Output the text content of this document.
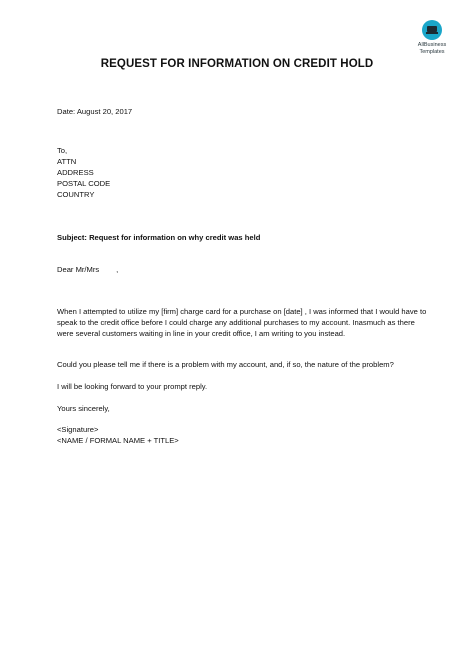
AllBusiness
Templates
REQUEST FOR INFORMATION ON CREDIT HOLD
Date: August 20, 2017
To,
ATTN
ADDRESS
POSTAL CODE
COUNTRY
Subject: Request for information on why credit was held
Dear Mr/Mrs        ,
When I attempted to utilize my [firm] charge card for a purchase on [date] , I was informed that I would have to speak to the credit office before I could charge any additional purchases to my account. Inasmuch as there were several customers waiting in line in your credit office, I am writing to you instead.
Could you please tell me if there is a problem with my account, and, if so, the nature of the problem?
I will be looking forward to your prompt reply.
Yours sincerely,
<Signature>
<NAME / FORMAL NAME + TITLE>
